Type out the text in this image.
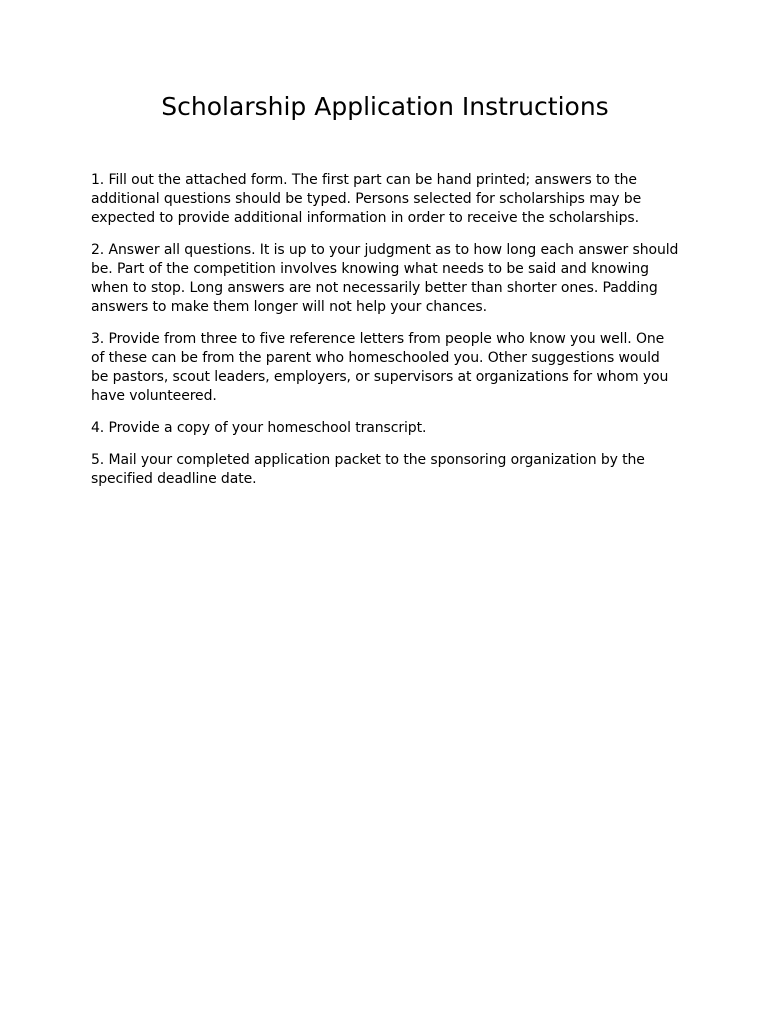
Scholarship Application Instructions
1. Fill out the attached form. The first part can be hand printed; answers to the additional questions should be typed. Persons selected for scholarships may be expected to provide additional information in order to receive the scholarships.
2. Answer all questions. It is up to your judgment as to how long each answer should be. Part of the competition involves knowing what needs to be said and knowing when to stop. Long answers are not necessarily better than shorter ones. Padding answers to make them longer will not help your chances.
3. Provide from three to five reference letters from people who know you well. One of these can be from the parent who homeschooled you. Other suggestions would be pastors, scout leaders, employers, or supervisors at organizations for whom you have volunteered.
4. Provide a copy of your homeschool transcript.
5. Mail your completed application packet to the sponsoring organization by the specified deadline date.
